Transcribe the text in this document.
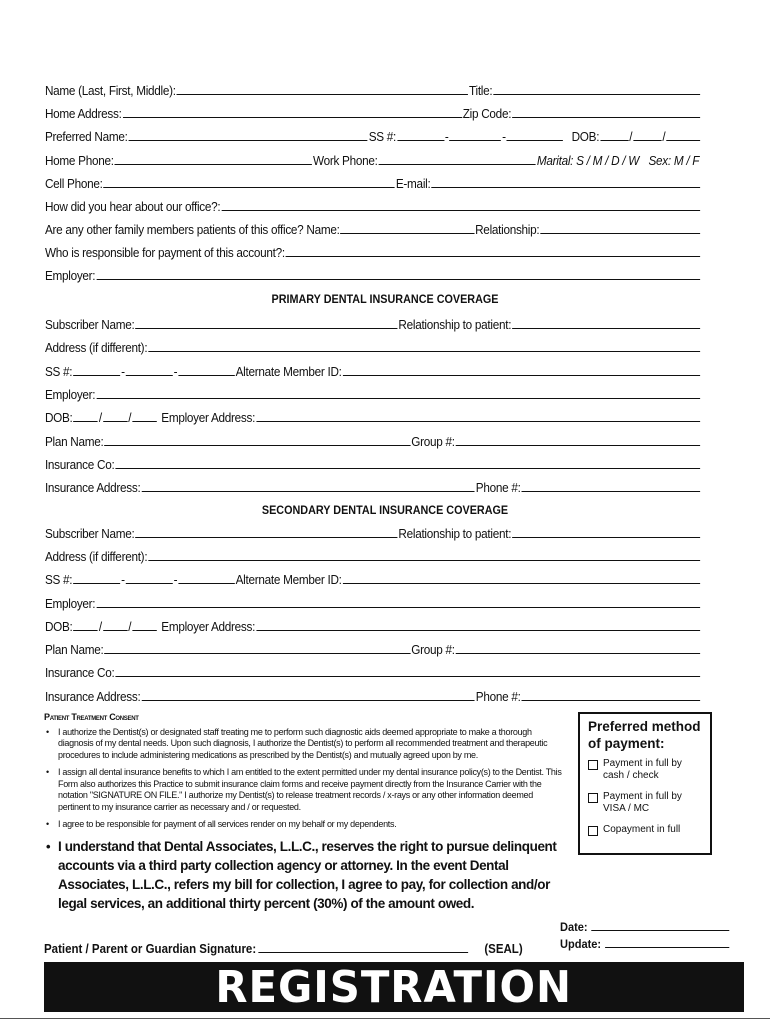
Name (Last, First, Middle):	Title:
Home Address:	Zip Code:
Preferred Name:	SS #:	-	-	DOB: / /
Home Phone:	Work Phone:	Marital: S / M / D / W Sex: M / F
Cell Phone:	E-mail:
How did you hear about our office?:
Are any other family members patients of this office? Name:	Relationship:
Who is responsible for payment of this account?:
Employer:
PRIMARY DENTAL INSURANCE COVERAGE
Subscriber Name:	Relationship to patient:
Address (if different):
SS #:	-	-	Alternate Member ID:
Employer:
DOB: / / Employer Address:
Plan Name:	Group #:
Insurance Co:
Insurance Address:	Phone #:
SECONDARY DENTAL INSURANCE COVERAGE
Subscriber Name:	Relationship to patient:
Address (if different):
SS #:	-	-	Alternate Member ID:
Employer:
DOB: / / Employer Address:
Plan Name:	Group #:
Insurance Co:
Insurance Address:	Phone #:
Patient Treatment Consent
• I authorize the Dentist(s) or designated staff treating me to perform such diagnostic aids deemed appropriate to make a thorough diagnosis of my dental needs. Upon such diagnosis, I authorize the Dentist(s) to perform all recommended treatment and therapeutic procedures to include administering medications as prescribed by the Dentist(s) and mutually agreed upon by me.
• I assign all dental insurance benefits to which I am entitled to the extent permitted under my dental insurance policy(s) to the Dentist. This Form also authorizes this Practice to submit insurance claim forms and receive payment directly from the Insurance Carrier with the notation "SIGNATURE ON FILE." I authorize my Dentist(s) to release treatment records / x-rays or any other information deemed pertinent to my insurance carrier as necessary and / or requested.
• I agree to be responsible for payment of all services render on my behalf or my dependents.
• I understand that Dental Associates, L.L.C., reserves the right to pursue delinquent accounts via a third party collection agency or attorney. In the event Dental Associates, L.L.C., refers my bill for collection, I agree to pay, for collection and/or legal services, an additional thirty percent (30%) of the amount owed.
Preferred method of payment:
Payment in full by cash / check
Payment in full by VISA / MC
Copayment in full
Date:
Update:
Patient / Parent or Guardian Signature:	(SEAL)
REGISTRATION
